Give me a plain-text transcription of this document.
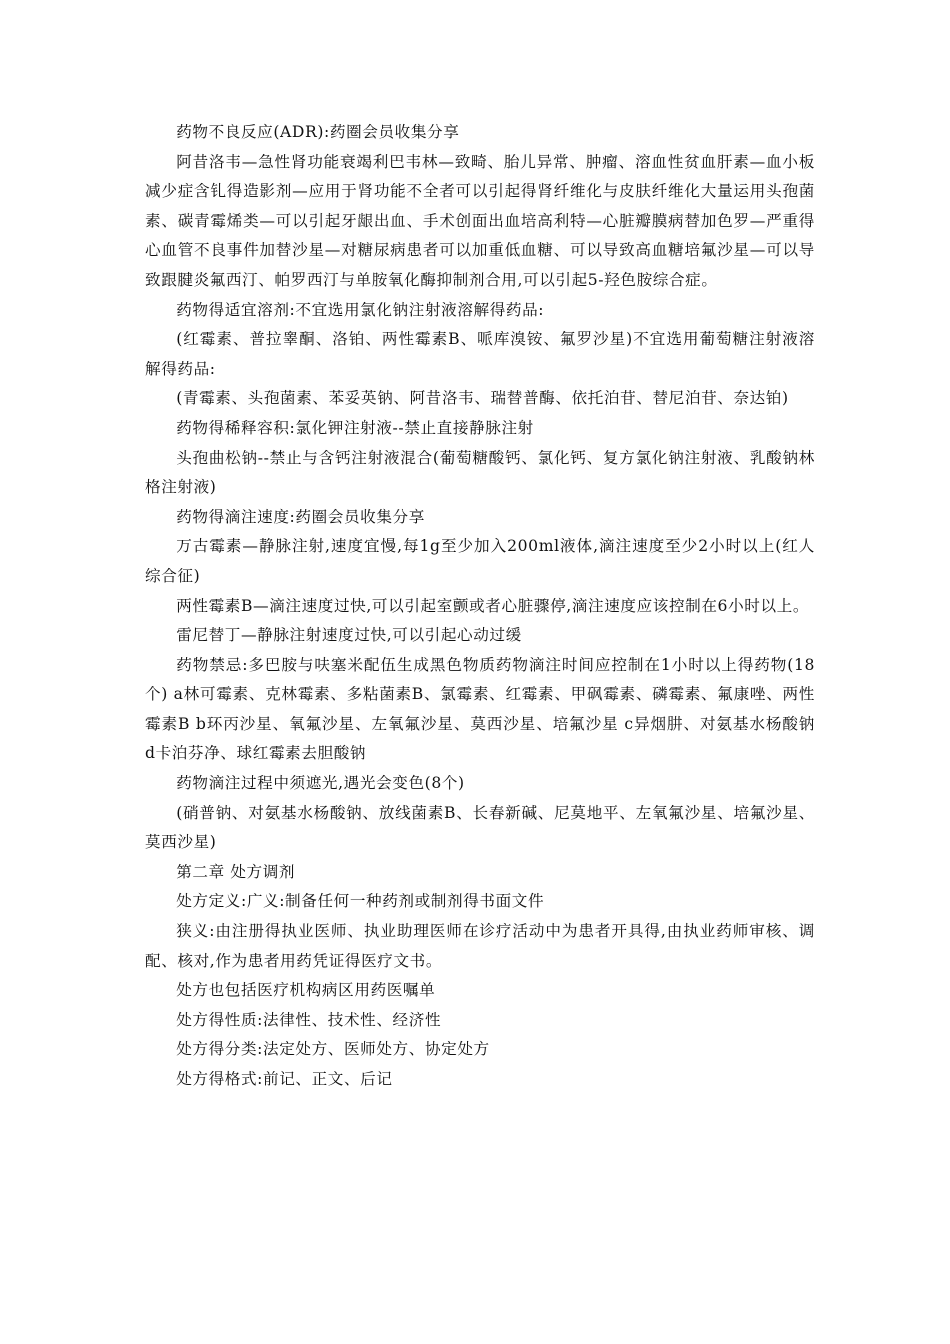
药物不良反应(ADR):药圈会员收集分享

阿昔洛韦—急性肾功能衰竭利巴韦林—致畸、胎儿异常、肿瘤、溶血性贫血肝素—血小板减少症含钆得造影剂—应用于肾功能不全者可以引起得肾纤维化与皮肤纤维化大量运用头孢菌素、碳青霉烯类—可以引起牙龈出血、手术创面出血培高利特—心脏瓣膜病替加色罗—严重得心血管不良事件加替沙星—对糖尿病患者可以加重低血糖、可以导致高血糖培氟沙星—可以导致跟腱炎氟西汀、帕罗西汀与单胺氧化酶抑制剂合用,可以引起5-羟色胺综合症。

药物得适宜溶剂:不宜选用氯化钠注射液溶解得药品:

(红霉素、普拉睾酮、洛铂、两性霉素B、哌库溴铵、氟罗沙星)不宜选用葡萄糖注射液溶解得药品:

(青霉素、头孢菌素、苯妥英钠、阿昔洛韦、瑞替普酶、依托泊苷、替尼泊苷、奈达铂)

药物得稀释容积:氯化钾注射液--禁止直接静脉注射

头孢曲松钠--禁止与含钙注射液混合(葡萄糖酸钙、氯化钙、复方氯化钠注射液、乳酸钠林格注射液)

药物得滴注速度:药圈会员收集分享

万古霉素—静脉注射,速度宜慢,每1g至少加入200ml液体,滴注速度至少2小时以上(红人综合征)

两性霉素B—滴注速度过快,可以引起室颤或者心脏骤停,滴注速度应该控制在6小时以上。

雷尼替丁—静脉注射速度过快,可以引起心动过缓

药物禁忌:多巴胺与呋塞米配伍生成黑色物质药物滴注时间应控制在1小时以上得药物(18个) a林可霉素、克林霉素、多粘菌素B、氯霉素、红霉素、甲砜霉素、磷霉素、氟康唑、两性霉素B b环丙沙星、氧氟沙星、左氧氟沙星、莫西沙星、培氟沙星 c异烟肼、对氨基水杨酸钠 d卡泊芬净、球红霉素去胆酸钠

药物滴注过程中须遮光,遇光会变色(8个)

(硝普钠、对氨基水杨酸钠、放线菌素B、长春新碱、尼莫地平、左氧氟沙星、培氟沙星、莫西沙星)

第二章 处方调剂

处方定义:广义:制备任何一种药剂或制剂得书面文件

狭义:由注册得执业医师、执业助理医师在诊疗活动中为患者开具得,由执业药师审核、调配、核对,作为患者用药凭证得医疗文书。

处方也包括医疗机构病区用药医嘱单

处方得性质:法律性、技术性、经济性

处方得分类:法定处方、医师处方、协定处方

处方得格式:前记、正文、后记
